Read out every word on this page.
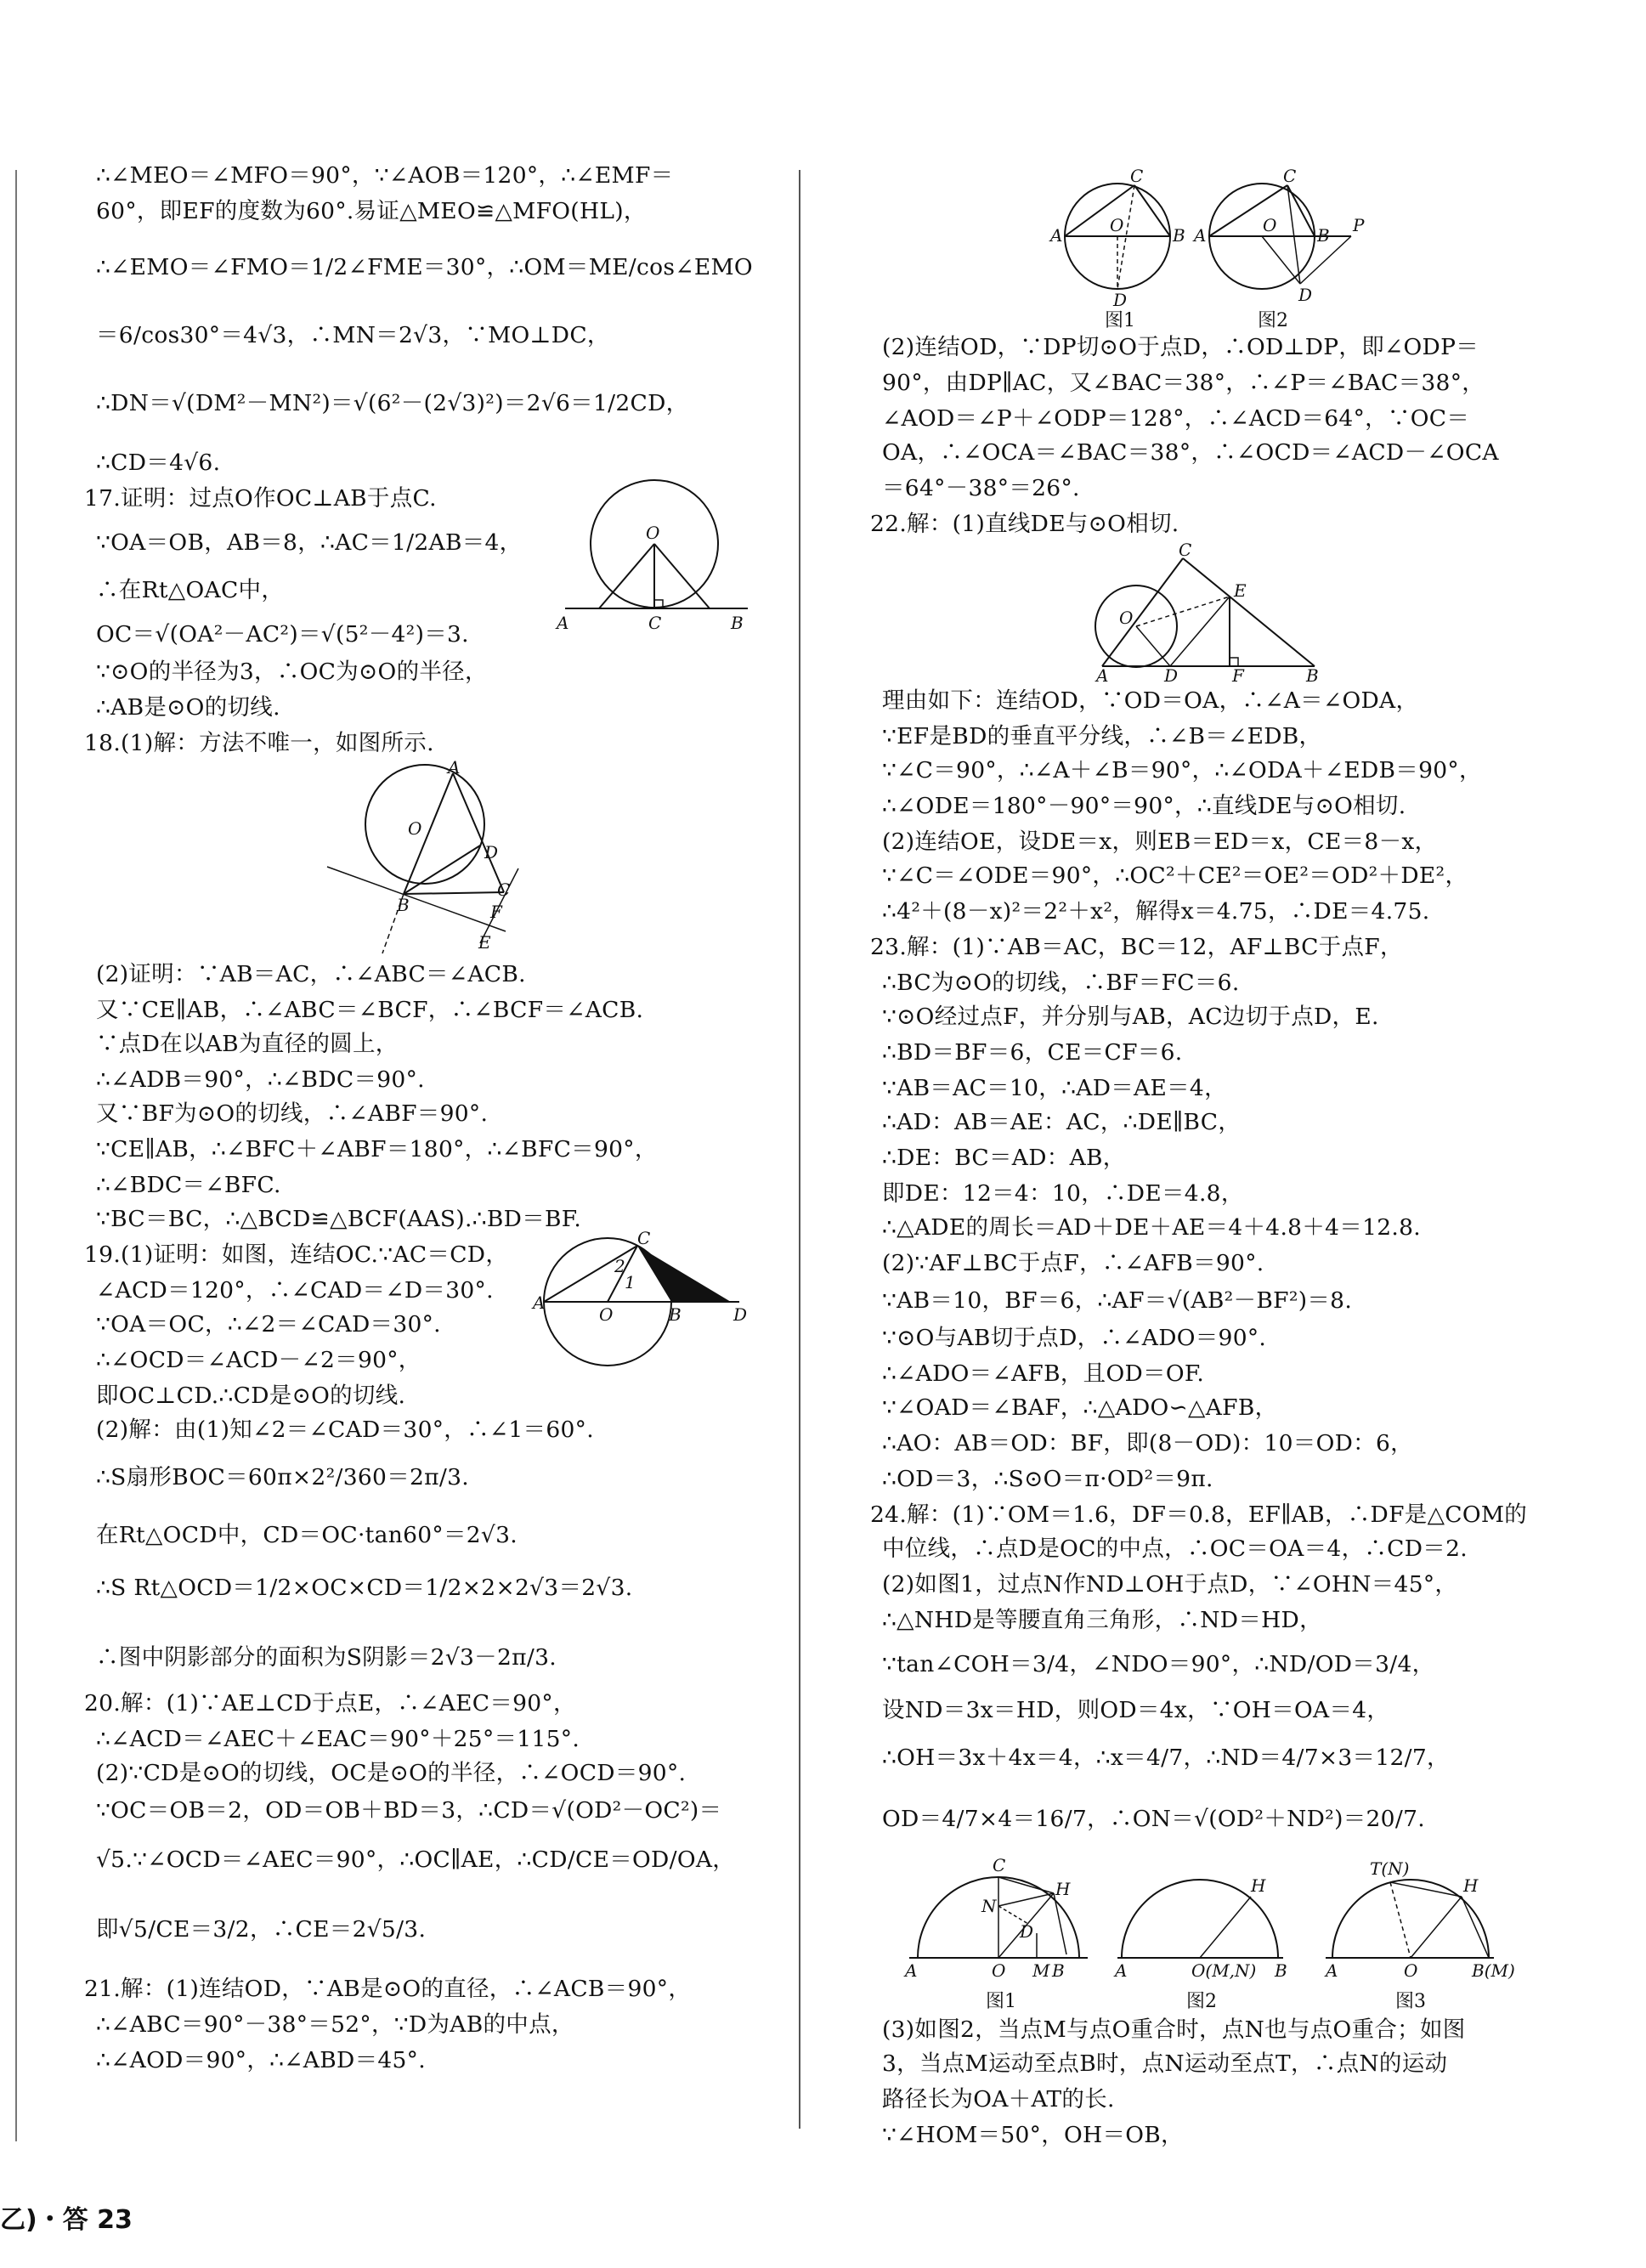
∴∠MEO＝∠MFO＝90°，∵∠AOB＝120°，∴∠EMF＝
60°，即EF的度数为60°.易证△MEO≌△MFO(HL)，
∴∠EMO＝∠FMO＝1/2∠FME＝30°，∴OM＝ME/cos∠EMO
＝6/cos30°＝4√3，∴MN＝2√3，∵MO⊥DC，
∴DN＝√(DM²－MN²)＝√(6²－(2√3)²)＝2√6＝1/2CD，
∴CD＝4√6.
17.证明：过点O作OC⊥AB于点C.
∵OA＝OB，AB＝8，∴AC＝1/2AB＝4，
∴在Rt△OAC中，
OC＝√(OA²－AC²)＝√(5²－4²)＝3.
∵⊙O的半径为3，∴OC为⊙O的半径，
∴AB是⊙O的切线.
18.(1)解：方法不唯一，如图所示.
(2)证明：∵AB＝AC，∴∠ABC＝∠ACB.
又∵CE∥AB，∴∠ABC＝∠BCF，∴∠BCF＝∠ACB.
∵点D在以AB为直径的圆上，
∴∠ADB＝90°，∴∠BDC＝90°.
又∵BF为⊙O的切线，∴∠ABF＝90°.
∵CE∥AB，∴∠BFC＋∠ABF＝180°，∴∠BFC＝90°，
∴∠BDC＝∠BFC.
∵BC＝BC，∴△BCD≌△BCF(AAS).∴BD＝BF.
19.(1)证明：如图，连结OC.∵AC＝CD，
∠ACD＝120°，∴∠CAD＝∠D＝30°.
∵OA＝OC，∴∠2＝∠CAD＝30°.
∴∠OCD＝∠ACD－∠2＝90°，
即OC⊥CD.∴CD是⊙O的切线.
(2)解：由(1)知∠2＝∠CAD＝30°，∴∠1＝60°.
∴S扇形BOC＝60π×2²/360＝2π/3.
在Rt△OCD中，CD＝OC·tan60°＝2√3.
∴S Rt△OCD＝1/2×OC×CD＝1/2×2×2√3＝2√3.
∴图中阴影部分的面积为S阴影＝2√3－2π/3.
20.解：(1)∵AE⊥CD于点E，∴∠AEC＝90°，
∴∠ACD＝∠AEC＋∠EAC＝90°＋25°＝115°.
(2)∵CD是⊙O的切线，OC是⊙O的半径，∴∠OCD＝90°.
∵OC＝OB＝2，OD＝OB＋BD＝3，∴CD＝√(OD²－OC²)＝
√5.∵∠OCD＝∠AEC＝90°，∴OC∥AE，∴CD/CE＝OD/OA，
即√5/CE＝3/2，∴CE＝2√5/3.
21.解：(1)连结OD，∵AB是⊙O的直径，∴∠ACB＝90°，
∴∠ABC＝90°－38°＝52°，∵D为AB的中点，
∴∠AOD＝90°，∴∠ABD＝45°.
O
A	C	B
A
O
D
C
B	F
E
C
2
1
A
O	B	D
(2)连结OD，∵DP切⊙O于点D，∴OD⊥DP，即∠ODP＝
90°，由DP∥AC，又∠BAC＝38°，∴∠P＝∠BAC＝38°，
∠AOD＝∠P＋∠ODP＝128°，∴∠ACD＝64°，∵OC＝
OA，∴∠OCA＝∠BAC＝38°，∴∠OCD＝∠ACD－∠OCA
＝64°－38°＝26°.
22.解：(1)直线DE与⊙O相切.
理由如下：连结OD，∵OD＝OA，∴∠A＝∠ODA，
∵EF是BD的垂直平分线，∴∠B＝∠EDB，
∵∠C＝90°，∴∠A＋∠B＝90°，∴∠ODA＋∠EDB＝90°，
∴∠ODE＝180°－90°＝90°，∴直线DE与⊙O相切.
(2)连结OE，设DE＝x，则EB＝ED＝x，CE＝8－x，
∵∠C＝∠ODE＝90°，∴OC²＋CE²＝OE²＝OD²＋DE²，
∴4²＋(8－x)²＝2²＋x²，解得x＝4.75，∴DE＝4.75.
23.解：(1)∵AB＝AC，BC＝12，AF⊥BC于点F，
∴BC为⊙O的切线，∴BF＝FC＝6.
∵⊙O经过点F，并分别与AB，AC边切于点D，E.
∴BD＝BF＝6，CE＝CF＝6.
∵AB＝AC＝10，∴AD＝AE＝4，
∴AD：AB＝AE：AC，∴DE∥BC，
∴DE：BC＝AD：AB，
即DE：12＝4：10，∴DE＝4.8，
∴△ADE的周长＝AD＋DE＋AE＝4＋4.8＋4＝12.8.
(2)∵AF⊥BC于点F，∴∠AFB＝90°.
∵AB＝10，BF＝6，∴AF＝√(AB²－BF²)＝8.
∵⊙O与AB切于点D，∴∠ADO＝90°.
∴∠ADO＝∠AFB，且OD＝OF.
∵∠OAD＝∠BAF，∴△ADO∽△AFB，
∴AO：AB＝OD：BF，即(8－OD)：10＝OD：6，
∴OD＝3，∴S⊙O＝π·OD²＝9π.
24.解：(1)∵OM＝1.6，DF＝0.8，EF∥AB，∴DF是△COM的
中位线，∴点D是OC的中点，∴OC＝OA＝4，∴CD＝2.
(2)如图1，过点N作ND⊥OH于点D，∵∠OHN＝45°，
∴△NHD是等腰直角三角形，∴ND＝HD，
∵tan∠COH＝3/4，∠NDO＝90°，∴ND/OD＝3/4，
设ND＝3x＝HD，则OD＝4x，∵OH＝OA＝4，
∴OH＝3x＋4x＝4，∴x＝4/7，∴ND＝4/7×3＝12/7，
OD＝4/7×4＝16/7，∴ON＝√(OD²＋ND²)＝20/7.
(3)如图2，当点M与点O重合时，点N也与点O重合；如图
3，当点M运动至点B时，点N运动至点T，∴点N的运动
路径长为OA＋AT的长.
∵∠HOM＝50°，OH＝OB，
C
A	O	B
D
图1
C
A	O B P
D
图2
C
E
O
A	D	F	B
C
N
H
D
A	O M B
图1
H
A	O(M,N) B
图2
T(N)
H
A	O	B(M)
图3
乙)・答 23
